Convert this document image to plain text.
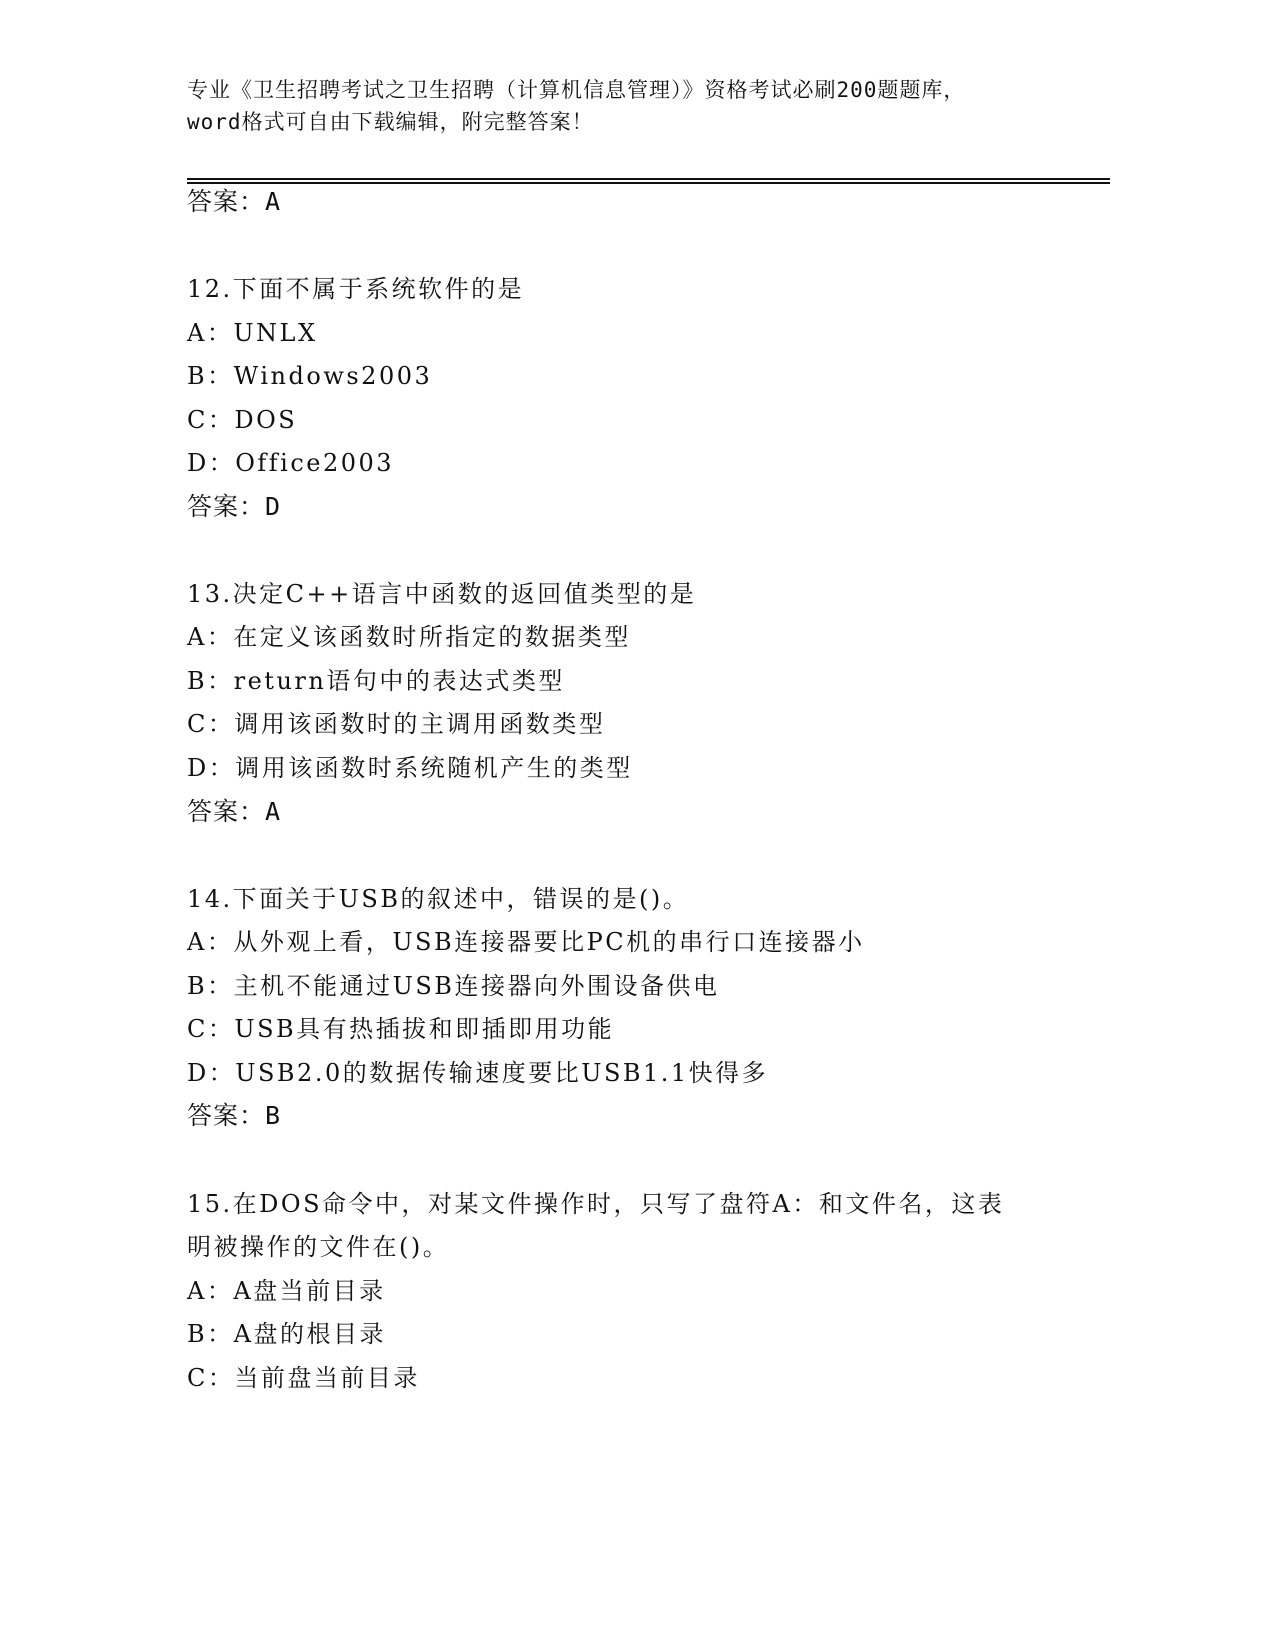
专业《卫生招聘考试之卫生招聘（计算机信息管理）》资格考试必刷200题题库，
word格式可自由下载编辑，附完整答案！
答案：A
12.下面不属于系统软件的是
A：UNLX
B：Windows2003
C：DOS
D：Office2003
答案：D
13.决定C++语言中函数的返回值类型的是
A：在定义该函数时所指定的数据类型
B：return语句中的表达式类型
C：调用该函数时的主调用函数类型
D：调用该函数时系统随机产生的类型
答案：A
14.下面关于USB的叙述中，错误的是()。
A：从外观上看，USB连接器要比PC机的串行口连接器小
B：主机不能通过USB连接器向外围设备供电
C：USB具有热插拔和即插即用功能
D：USB2.0的数据传输速度要比USB1.1快得多
答案：B
15.在DOS命令中，对某文件操作时，只写了盘符A：和文件名，这表
明被操作的文件在()。
A：A盘当前目录
B：A盘的根目录
C：当前盘当前目录
